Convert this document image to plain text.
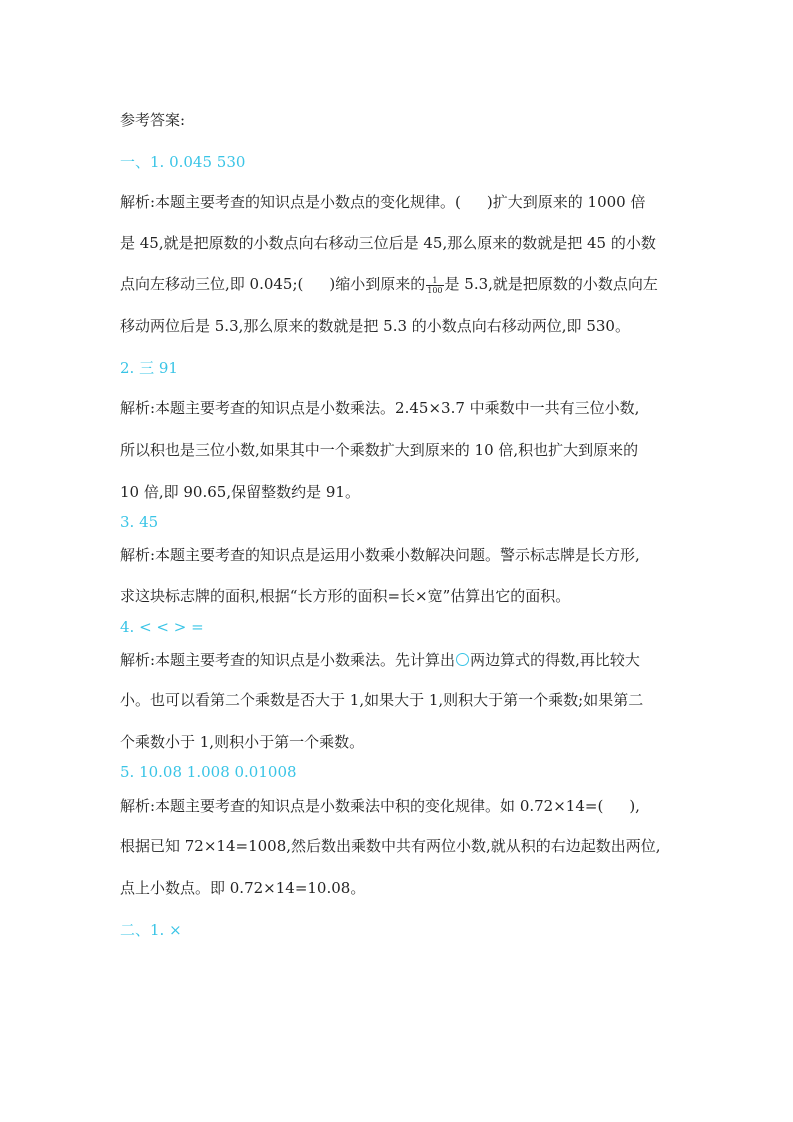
参考答案:
一、1. 0.045 530
解析:本题主要考查的知识点是小数点的变化规律。( )扩大到原来的 1000 倍
是 45,就是把原数的小数点向右移动三位后是 45,那么原来的数就是把 45 的小数
点向左移动三位,即 0.045;( )缩小到原来的 $\frac{1}{100}$ 是 5.3,就是把原数的小数点向左
移动两位后是 5.3,那么原来的数就是把 5.3 的小数点向右移动两位,即 530。
2. 三 91
解析:本题主要考查的知识点是小数乘法。2.45×3.7 中乘数中一共有三位小数,
所以积也是三位小数,如果其中一个乘数扩大到原来的 10 倍,积也扩大到原来的
10 倍,即 90.65,保留整数约是 91。
3. 45
解析:本题主要考查的知识点是运用小数乘小数解决问题。警示标志牌是长方形,
求这块标志牌的面积,根据“长方形的面积=长×宽”估算出它的面积。
4. < < > =
解析:本题主要考查的知识点是小数乘法。先计算出 两边算式的得数,再比较大
小。也可以看第二个乘数是否大于 1,如果大于 1,则积大于第一个乘数;如果第二
个乘数小于 1,则积小于第一个乘数。
5. 10.08 1.008 0.01008
解析:本题主要考查的知识点是小数乘法中积的变化规律。如 0.72×14=( ),
根据已知 72×14=1008,然后数出乘数中共有两位小数,就从积的右边起数出两位,
点上小数点。即 0.72×14=10.08。
二、1. ×
